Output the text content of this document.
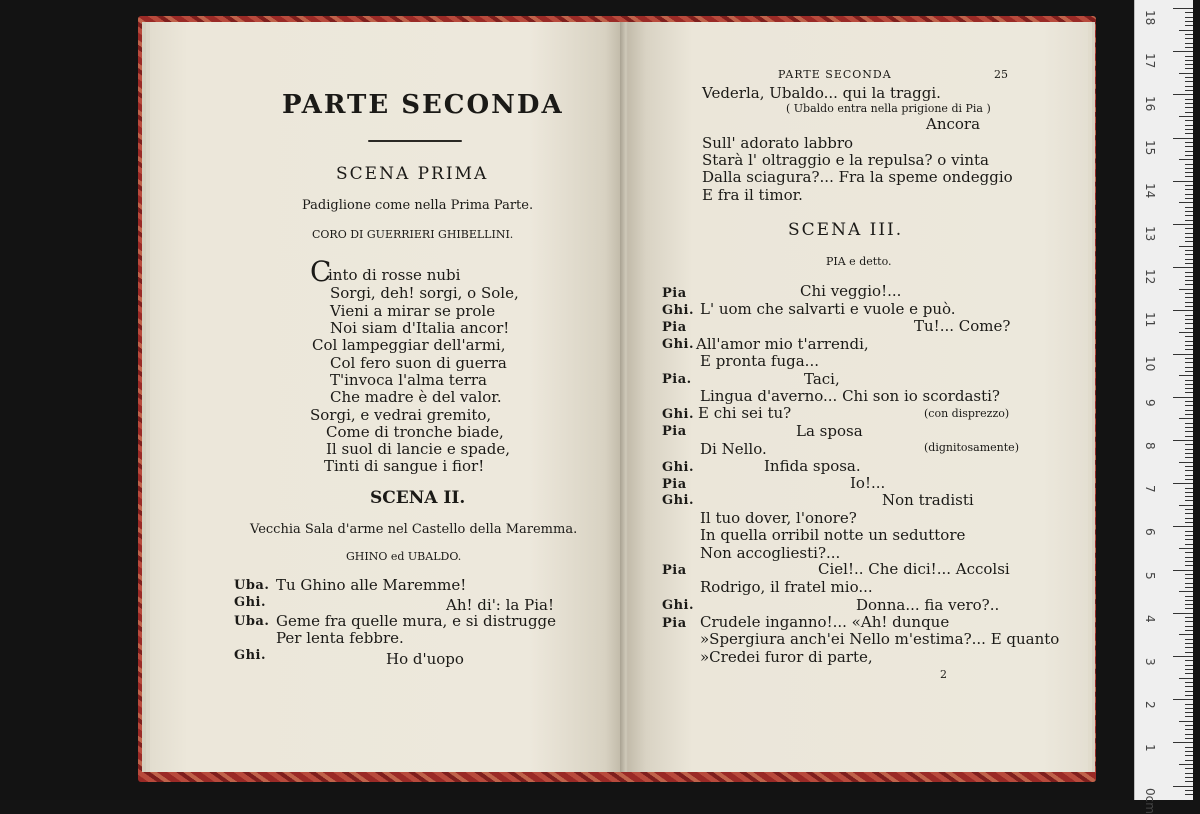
PARTE SECONDA
SCENA PRIMA
Padiglione come nella Prima Parte.
CORO DI GUERRIERI GHIBELLINI.
C
into di rosse nubi
Sorgi, deh! sorgi, o Sole,
Vieni a mirar se prole
Noi siam d'Italia ancor!
Col lampeggiar dell'armi,
Col fero suon di guerra
T'invoca l'alma terra
Che madre è del valor.
Sorgi, e vedrai gremito,
Come di tronche biade,
Il suol di lancie e spade,
Tinti di sangue i fior!
SCENA II.
Vecchia Sala d'arme nel Castello della Maremma.
GHINO ed UBALDO.
Uba. Tu Ghino alle Maremme!
Ghi.	Ah! di': la Pia!
Uba. Geme fra quelle mura, e si distrugge
Per lenta febbre.
Ghi.	Ho d'uopo
PARTE SECONDA	25
Vederla, Ubaldo... qui la traggi.
( Ubaldo entra nella prigione di Pia )
Ancora
Sull' adorato labbro
Starà l' oltraggio e la repulsa? o vinta
Dalla sciagura?... Fra la speme ondeggio
E fra il timor.
SCENA III.
PIA e detto.
Pia	Chi veggio!...
Ghi. L' uom che salvarti e vuole e può.
Pia	Tu!... Come?
Ghi. All'amor mio t'arrendi,
E pronta fuga...
Pia.	Taci,
Lingua d'averno... Chi son io scordasti?
Ghi. E chi sei tu?	(con disprezzo)
Pia	La sposa
Di Nello.	(dignitosamente)
Ghi.	Infida sposa.
Pia	Io!...
Ghi.	Non tradisti
Il tuo dover, l'onore?
In quella orribil notte un seduttore
Non accogliesti?...
Pia	Ciel!.. Che dici!... Accolsi
Rodrigo, il fratel mio...
Ghi.	Donna... fia vero?..
Pia Crudele inganno!... «Ah! dunque
»Spergiura anch'ei Nello m'estima?... E quanto
»Credei furor di parte,
2
18
17
16
15
14
13
12
11
10
9
8
7
6
5
4
3
2
1
0cm
